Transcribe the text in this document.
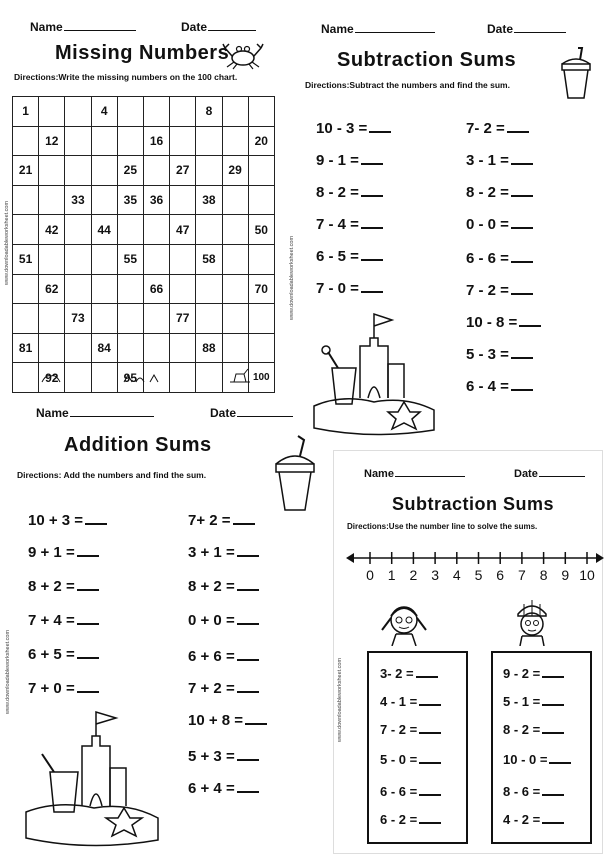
Name	Date
Missing Numbers
Directions:Write the missing numbers on the 100 chart.
1			4				8		
	12				16				20
21				25		27		29	
		33		35	36		38		
	42		44			47			50
51				55			58		
	62				66				70
		73				77			
81			84				88		
	92			95					100
www.downloadableworksheet.com
Name	Date
Subtraction Sums
Directions:Subtract the numbers and find the sum.
10 - 3 =
9 - 1 =
8 - 2 =
7 - 4 =
6 - 5 =
7 - 0 =
7- 2 =
3 - 1 =
8 - 2 =
0 - 0 =
6 - 6 =
7 - 2 =
10 - 8 =
5 - 3 =
6 - 4 =
www.downloadableworksheet.com
Name	Date
Addition Sums
Directions: Add the numbers and find the sum.
10 + 3 =
9 + 1 =
8 + 2 =
7 + 4 =
6 + 5 =
7 + 0 =
7+ 2 =
3 + 1 =
8 + 2 =
0 + 0 =
6 + 6 =
7 + 2 =
10 + 8 =
5 + 3 =
6 + 4 =
www.downloadableworksheet.com
Name	Date
Subtraction Sums
Directions:Use the number line to solve the sums.
0 1 2 3 4 5 6 7 8 9 10
www.downloadableworksheet.com	3- 2 =
4 - 1 =
7 - 2 =
5 - 0 =
6 - 6 =
6 - 2 =
9 - 2 =
5 - 1 =
8 - 2 =
10 - 0 =
8 - 6 =
4 - 2 =
